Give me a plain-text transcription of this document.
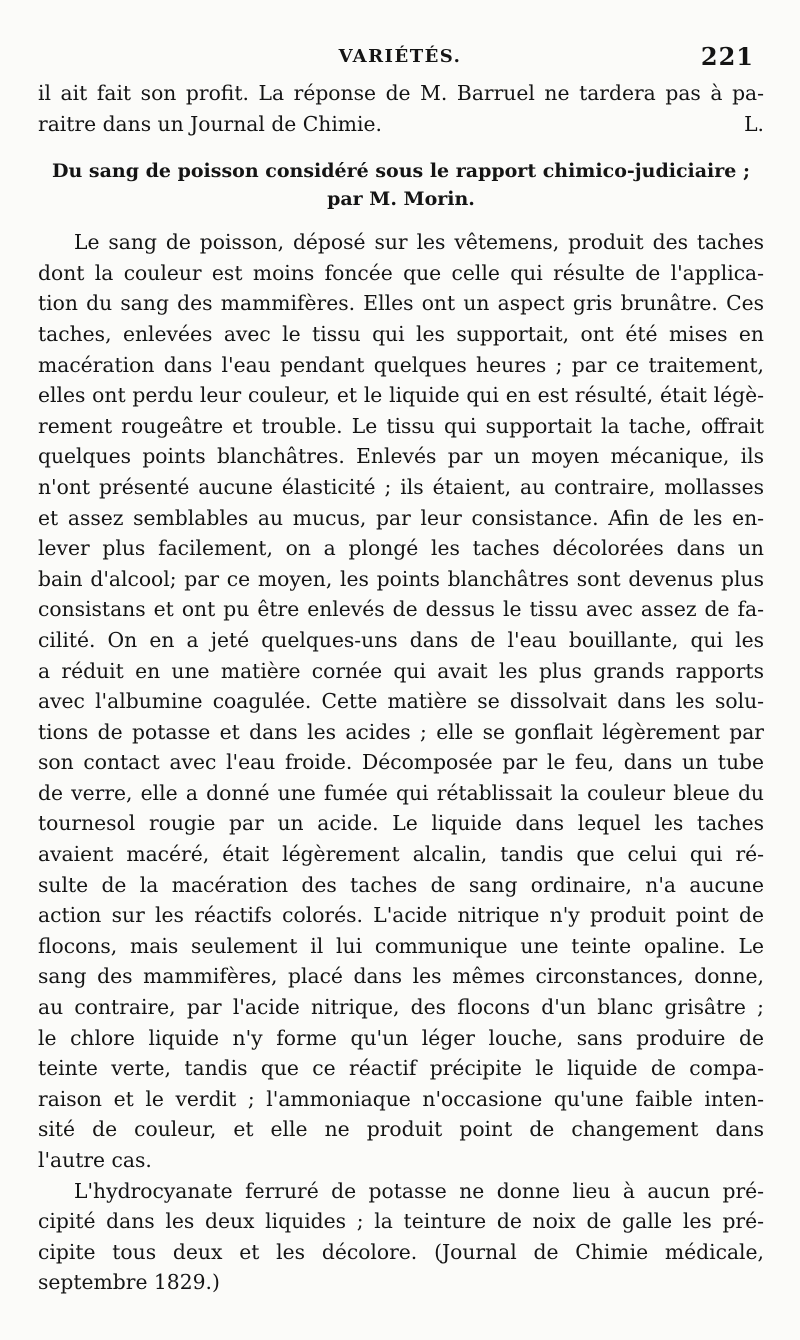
VARIÉTÉS.	221
il ait fait son profit. La réponse de M. Barruel ne tardera pas à pa-
raitre dans un Journal de Chimie.	L.
Du sang de poisson considéré sous le rapport chimico-judiciaire ;
par M. Morin.
Le sang de poisson, déposé sur les vêtemens, produit des taches
dont la couleur est moins foncée que celle qui résulte de l'applica-
tion du sang des mammifères. Elles ont un aspect gris brunâtre. Ces
taches, enlevées avec le tissu qui les supportait, ont été mises en
macération dans l'eau pendant quelques heures ; par ce traitement,
elles ont perdu leur couleur, et le liquide qui en est résulté, était légè-
rement rougeâtre et trouble. Le tissu qui supportait la tache, offrait
quelques points blanchâtres. Enlevés par un moyen mécanique, ils
n'ont présenté aucune élasticité ; ils étaient, au contraire, mollasses
et assez semblables au mucus, par leur consistance. Afin de les en-
lever plus facilement, on a plongé les taches décolorées dans un
bain d'alcool; par ce moyen, les points blanchâtres sont devenus plus
consistans et ont pu être enlevés de dessus le tissu avec assez de fa-
cilité. On en a jeté quelques-uns dans de l'eau bouillante, qui les
a réduit en une matière cornée qui avait les plus grands rapports
avec l'albumine coagulée. Cette matière se dissolvait dans les solu-
tions de potasse et dans les acides ; elle se gonflait légèrement par
son contact avec l'eau froide. Décomposée par le feu, dans un tube
de verre, elle a donné une fumée qui rétablissait la couleur bleue du
tournesol rougie par un acide. Le liquide dans lequel les taches
avaient macéré, était légèrement alcalin, tandis que celui qui ré-
sulte de la macération des taches de sang ordinaire, n'a aucune
action sur les réactifs colorés. L'acide nitrique n'y produit point de
flocons, mais seulement il lui communique une teinte opaline. Le
sang des mammifères, placé dans les mêmes circonstances, donne,
au contraire, par l'acide nitrique, des flocons d'un blanc grisâtre ;
le chlore liquide n'y forme qu'un léger louche, sans produire de
teinte verte, tandis que ce réactif précipite le liquide de compa-
raison et le verdit ; l'ammoniaque n'occasione qu'une faible inten-
sité de couleur, et elle ne produit point de changement dans
l'autre cas.
L'hydrocyanate ferruré de potasse ne donne lieu à aucun pré-
cipité dans les deux liquides ; la teinture de noix de galle les pré-
cipite tous deux et les décolore. (Journal de Chimie médicale,
septembre 1829.)
